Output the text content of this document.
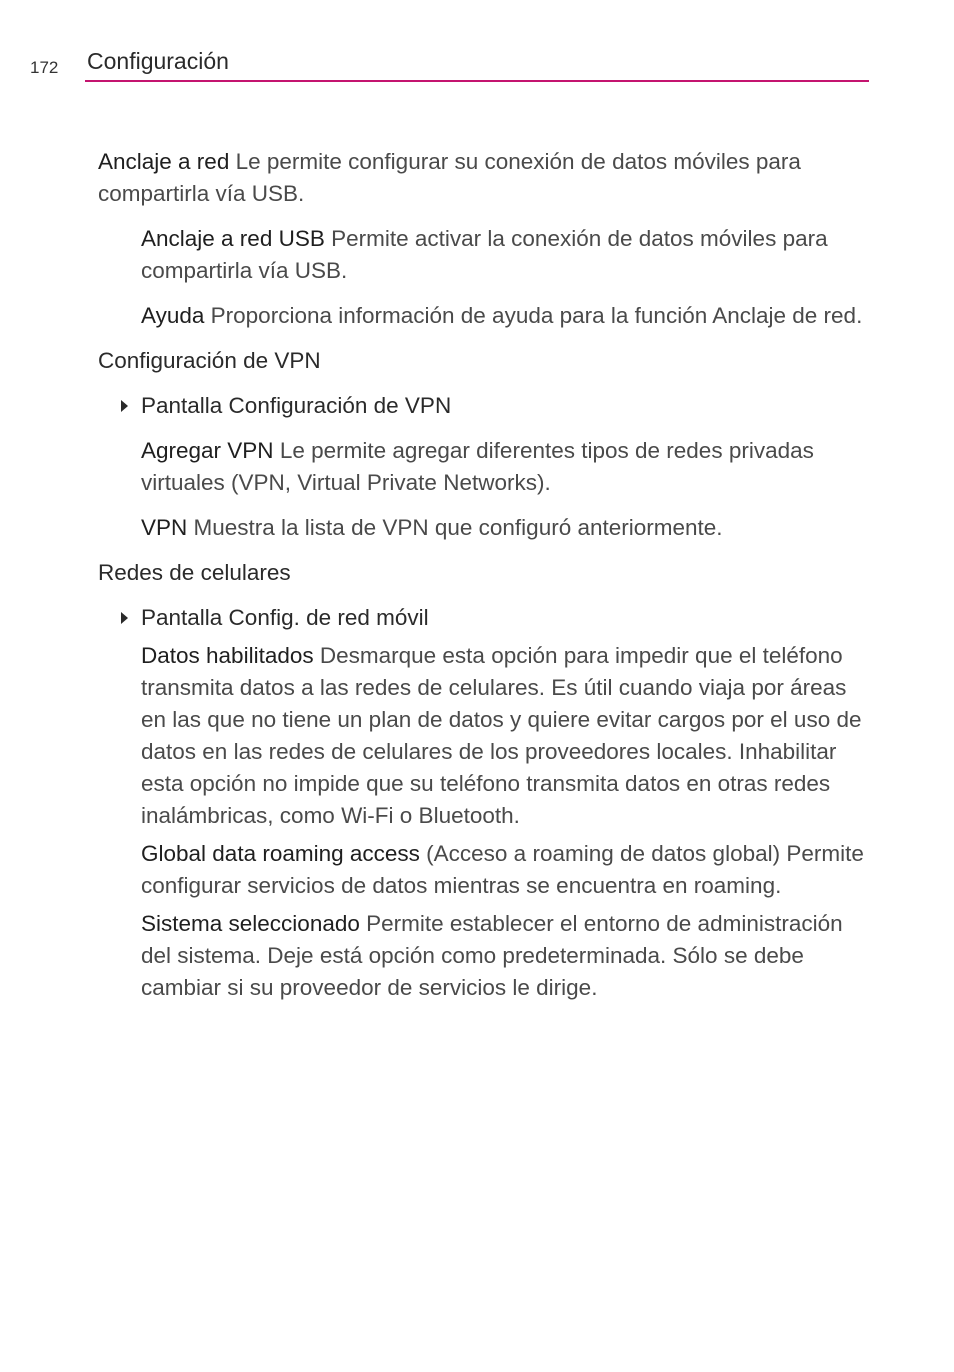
172 Configuración

Anclaje a red Le permite configurar su conexión de datos móviles para compartirla vía USB.

Anclaje a red USB Permite activar la conexión de datos móviles para compartirla vía USB.

Ayuda Proporciona información de ayuda para la función Anclaje de red.

Configuración de VPN

Pantalla Configuración de VPN

Agregar VPN Le permite agregar diferentes tipos de redes privadas virtuales (VPN, Virtual Private Networks).

VPN Muestra la lista de VPN que configuró anteriormente.

Redes de celulares

Pantalla Config. de red móvil

Datos habilitados Desmarque esta opción para impedir que el teléfono transmita datos a las redes de celulares. Es útil cuando viaja por áreas en las que no tiene un plan de datos y quiere evitar cargos por el uso de datos en las redes de celulares de los proveedores locales. Inhabilitar esta opción no impide que su teléfono transmita datos en otras redes inalámbricas, como Wi-Fi o Bluetooth.

Global data roaming access (Acceso a roaming de datos global) Permite configurar servicios de datos mientras se encuentra en roaming.

Sistema seleccionado Permite establecer el entorno de administración del sistema. Deje está opción como predeterminada. Sólo se debe cambiar si su proveedor de servicios le dirige.
